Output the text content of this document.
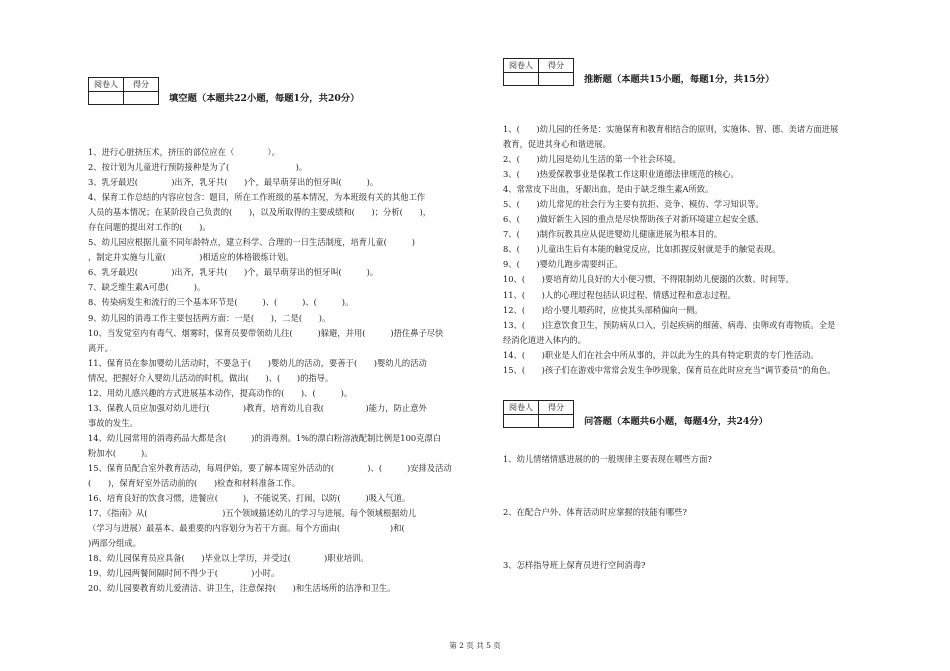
阅卷人	得分

填空题（本题共22小题，每题1分，共20分）
1、进行心脏挤压术，挤压的部位应在（　　　　）。
2、按计划为儿童进行预防接种是为了(　　　　　　　　)。
3、乳牙最迟(　　　　)出齐，乳牙共(　　)个，最早萌芽出的恒牙叫(　　　)。
4、保育工作总结的内容应包含：题目，所在工作班级的基本情况，为本班级有关的其他工作
人员的基本情况；在某阶段自己负责的(　　)，以及所取得的主要成绩和(　　)；分析(　　)，
存在问题的提出对工作的(　　)。
5、幼儿园应根据儿童不同年龄特点，建立科学、合理的一日生活制度，培育儿童(　　　)
，制定并实施与儿童(　　　　)相适应的体格锻炼计划。
6、乳牙最迟(　　　　)出齐，乳牙共(　　)个，最早萌芽出的恒牙叫(　　　)。
7、缺乏维生素A可患(　　　)。
8、传染病发生和流行的三个基本环节是(　　　)、(　　　)、(　　　)。
9、幼儿园的消毒工作主要包括两方面：一是(　　)，二是(　　)。
10、当发觉室内有毒气、烟雾时，保育员要带领幼儿往(　　　)躲避，并用(　　　)捂住鼻子尽快
离开。
11、保育员在参加婴幼儿活动时，不要急于(　　)婴幼儿的活动，要善于(　　)婴幼儿的活动
情况，把握好介入婴幼儿活动的时机，做出(　　)、(　　)的指导。
12、用幼儿感兴趣的方式进展基本动作，提高动作的(　　)、(　　　)。
13、保教人员应加强对幼儿进行(　　　　)教育，培育幼儿自我(　　　　　)能力，防止意外
事故的发生。
14、幼儿园常用的消毒药品大都是含(　　　)的消毒剂。1%的漂白粉溶液配制比例是100克漂白
粉加水(　　　)。
15、保育员配合室外教育活动，每周伊始，要了解本周室外活动的(　　　　)、(　　　)安排及活动
(　　)，保育好室外活动前的(　　)检查和材料准备工作。
16、培育良好的饮食习惯，进餐应(　　　)，不能说笑、打闹，以防(　　　)吸入气道。
17、《指南》从(　　　　　　　　　)五个领域描述幼儿的学习与进展。每个领域根据幼儿
（学习与进展）最基本、最重要的内容划分为若干方面。每个方面由(　　　　　　)和(　　　
)两部分组成。
18、幼儿园保育员应具备(　　)毕业以上学历，并受过(　　　　)职业培训。
19、幼儿园两餐间隔时间不得少于(　　　　)小时。
20、幼儿园要教育幼儿爱清洁、讲卫生，注意保持(　　)和生活场所的洁净和卫生。
阅卷人	得分

推断题（本题共15小题，每题1分，共15分）
1、(　　)幼儿园的任务是：实施保育和教育相结合的原则，实施体、智、德、美诸方面进展
教育，促进其身心和谐进展。
2、(　　)幼儿园是幼儿生活的第一个社会环境。
3、(　　)热爱保教事业是保教工作这职业道德法律规范的核心。
4、常常皮下出血，牙龈出血，是由于缺乏维生素A所致。
5、(　　)幼儿常见的社会行为主要有抗拒、竞争、模仿、学习知识等。
6、(　　)做好新生入园的重点是尽快帮助孩子对新环境建立起安全感。
7、(　　)制作玩教具应从促进婴幼儿健康进展为根本目的。
8、(　　)儿童出生后有本能的触觉反应，比如抓握反射就是手的触觉表现。
9、(　　)婴幼儿跑步需要纠正。
10、(　　)要培育幼儿良好的大小便习惯，不得限制幼儿便溺的次数、时间等。
11、(　　)人的心理过程包括认识过程、情感过程和意志过程。
12、(　　)给小婴儿喂药时，应使其头部稍偏向一侧。
13、(　　)注意饮食卫生，预防病从口入，引起疾病的细菌、病毒、虫卵或有毒物质。全是
经消化道进入体内的。
14、(　　)职业是人们在社会中所从事的，并以此为生的具有特定职责的专门性活动。
15、(　　)孩子们在游戏中常常会发生争吵现象，保育员在此时应充当“调节委员”的角色。
阅卷人	得分

问答题（本题共6小题，每题4分，共24分）
1、幼儿情绪情感进展的的一般规律主要表现在哪些方面?
2、在配合户外、体育活动时应掌握的技能有哪些?
3、怎样指导班上保育员进行空间消毒?
第 2 页 共 5 页
